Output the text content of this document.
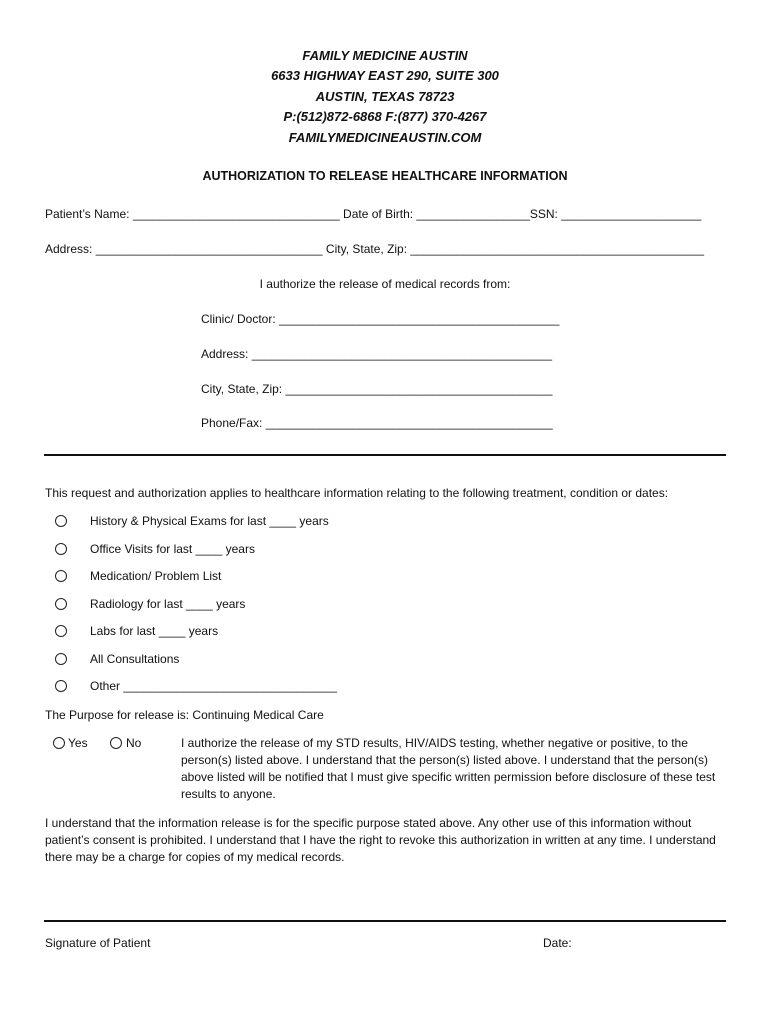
FAMILY MEDICINE AUSTIN
6633 HIGHWAY EAST 290, SUITE 300
AUSTIN, TEXAS 78723
P:(512)872-6868 F:(877) 370-4267
FAMILYMEDICINEAUSTIN.COM
AUTHORIZATION TO RELEASE HEALTHCARE INFORMATION
Patient’s Name: _______________________________ Date of Birth: _________________SSN: _____________________
Address: __________________________________ City, State, Zip: ____________________________________________
I authorize the release of medical records from:
Clinic/ Doctor: __________________________________________
Address: _____________________________________________
City, State, Zip: ________________________________________
Phone/Fax: ___________________________________________
This request and authorization applies to healthcare information relating to the following treatment, condition or dates:
History & Physical Exams for last ____ years
Office Visits for last ____ years
Medication/ Problem List
Radiology for last ____ years
Labs for last ____ years
All Consultations
Other ________________________________
The Purpose for release is: Continuing Medical Care
Yes	No	I authorize the release of my STD results, HIV/AIDS testing, whether negative or positive, to the person(s) listed above. I understand that the person(s) listed above. I understand that the person(s) above listed will be notified that I must give specific written permission before disclosure of these test results to anyone.
I understand that the information release is for the specific purpose stated above. Any other use of this information without patient’s consent is prohibited. I understand that I have the right to revoke this authorization in written at any time. I understand there may be a charge for copies of my medical records.
Signature of Patient	Date:
